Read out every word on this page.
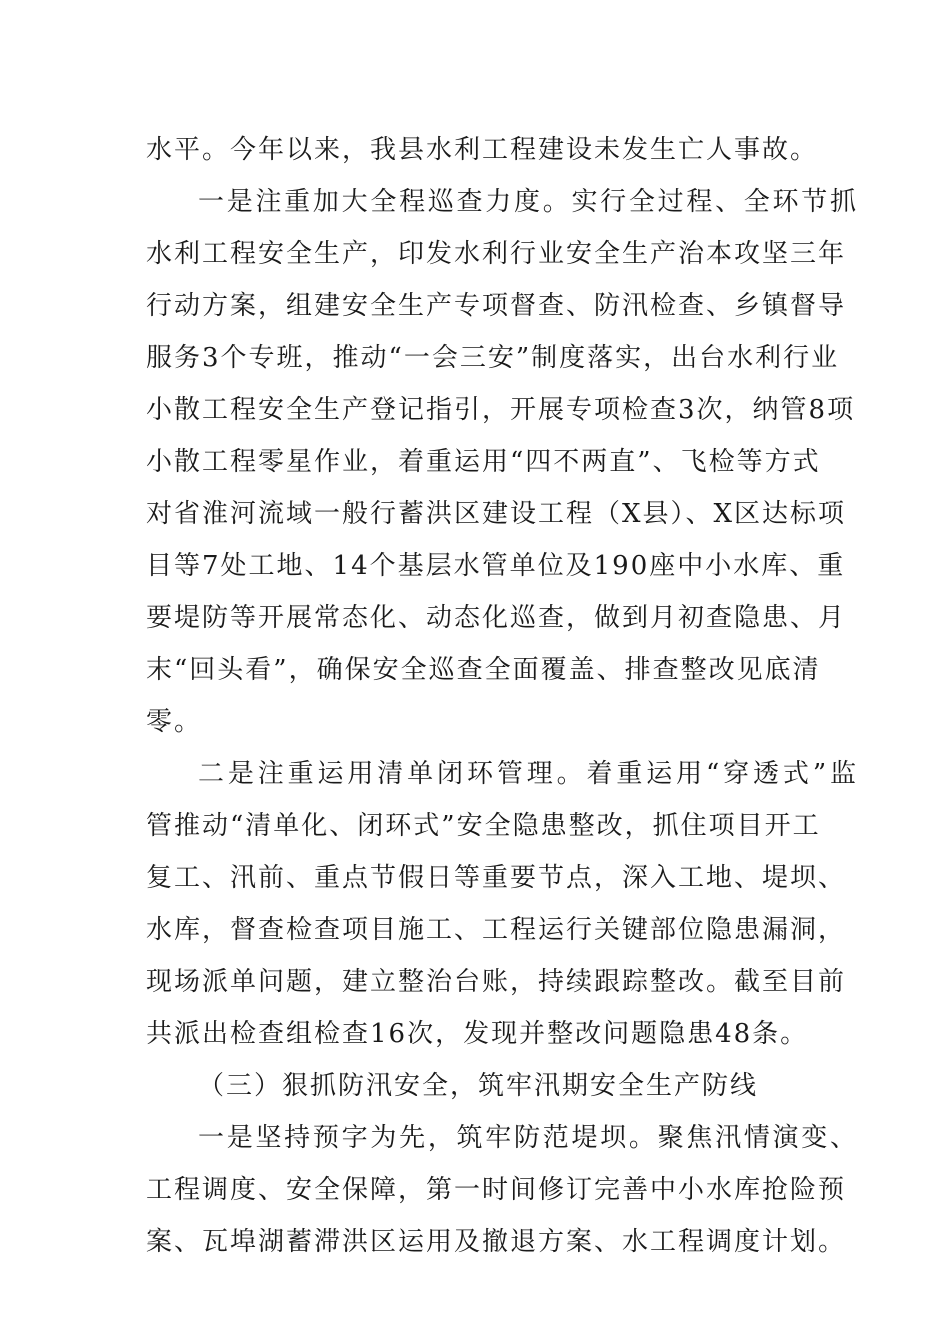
水平。今年以来，我县水利工程建设未发生亡人事故。
一是注重加大全程巡查力度。实行全过程、全环节抓
水利工程安全生产，印发水利行业安全生产治本攻坚三年
行动方案，组建安全生产专项督查、防汛检查、乡镇督导
服务3个专班，推动“一会三安”制度落实，出台水利行业
小散工程安全生产登记指引，开展专项检查3次，纳管8项
小散工程零星作业，着重运用“四不两直”、飞检等方式
对省淮河流域一般行蓄洪区建设工程（X县）、X区达标项
目等7处工地、14个基层水管单位及190座中小水库、重
要堤防等开展常态化、动态化巡查，做到月初查隐患、月
末“回头看”，确保安全巡查全面覆盖、排查整改见底清
零。
二是注重运用清单闭环管理。着重运用“穿透式”监
管推动“清单化、闭环式”安全隐患整改，抓住项目开工
复工、汛前、重点节假日等重要节点，深入工地、堤坝、
水库，督查检查项目施工、工程运行关键部位隐患漏洞，
现场派单问题，建立整治台账，持续跟踪整改。截至目前
共派出检查组检查16次，发现并整改问题隐患48条。
（三）狠抓防汛安全，筑牢汛期安全生产防线
一是坚持预字为先，筑牢防范堤坝。聚焦汛情演变、
工程调度、安全保障，第一时间修订完善中小水库抢险预
案、瓦埠湖蓄滞洪区运用及撤退方案、水工程调度计划。
